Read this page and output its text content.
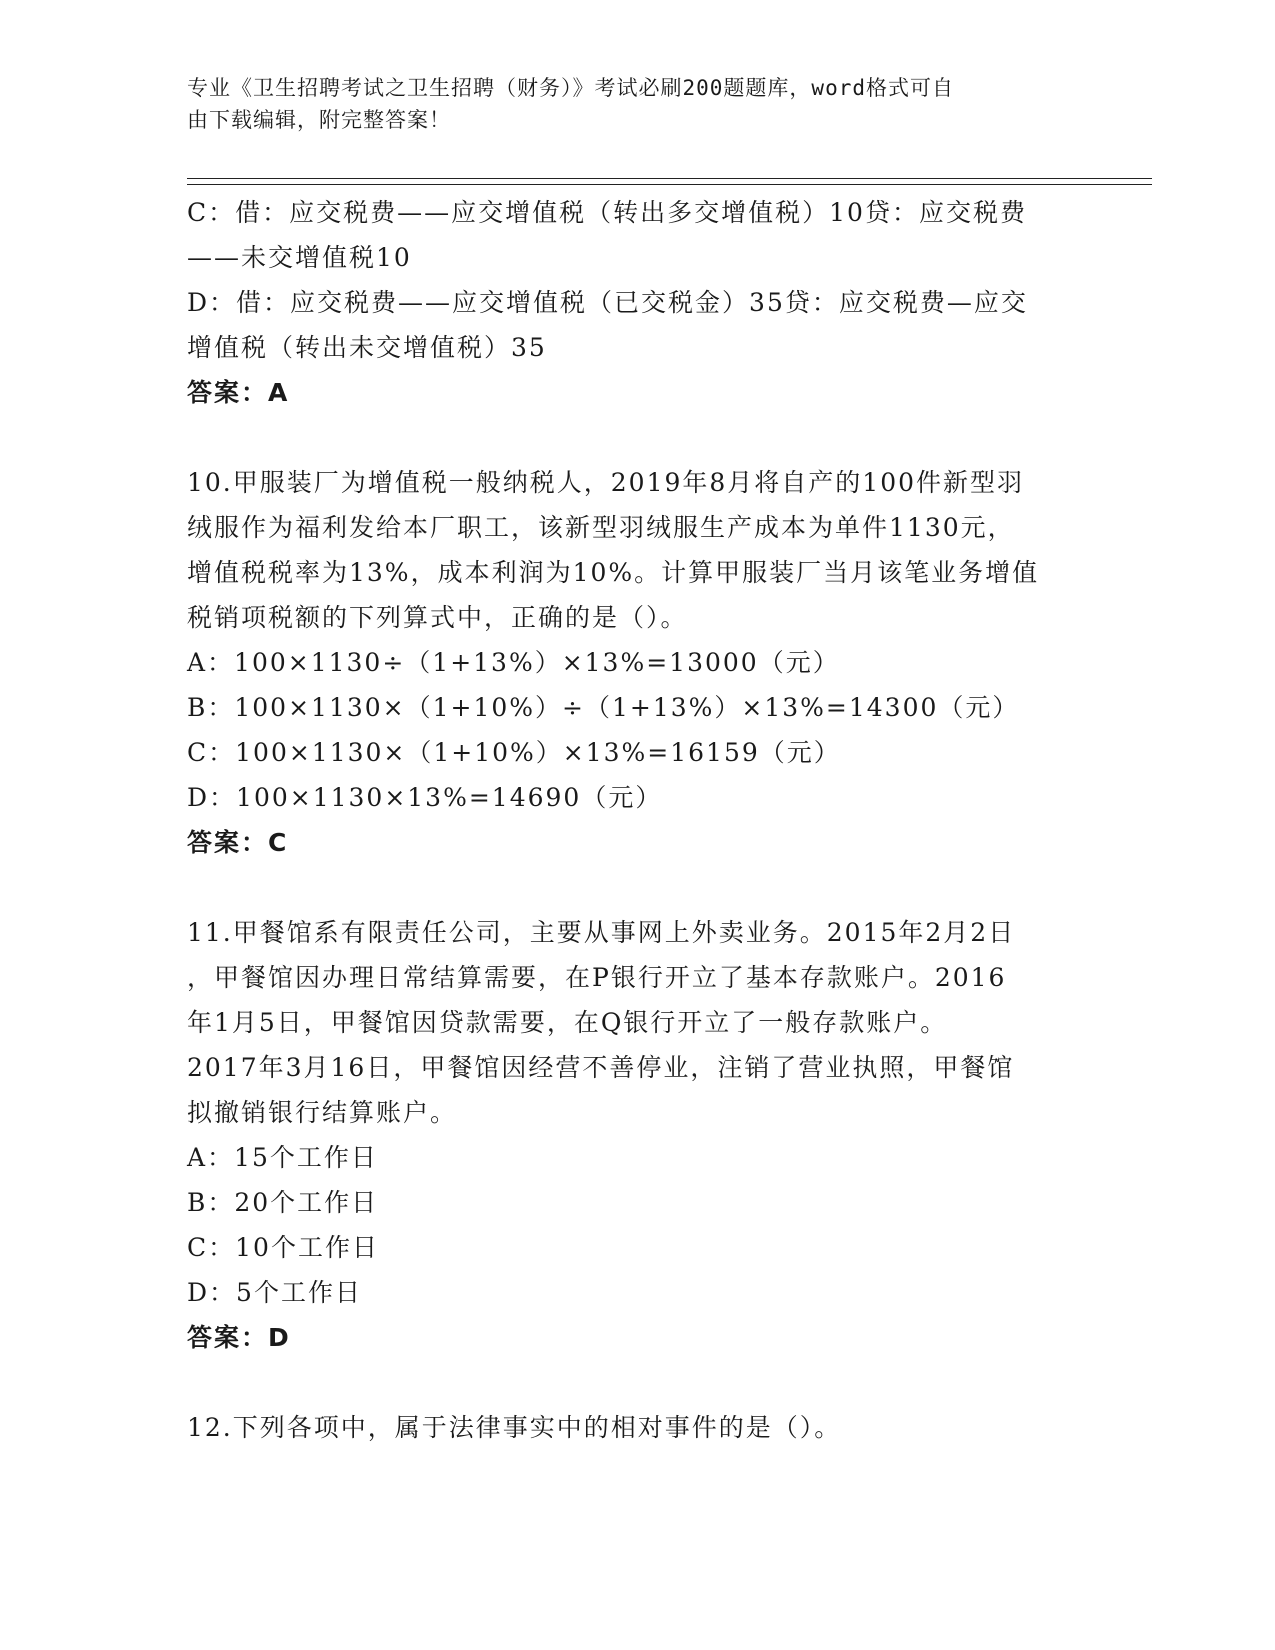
专业《卫生招聘考试之卫生招聘（财务）》考试必刷200题题库，word格式可自
由下载编辑，附完整答案！

C：借：应交税费——应交增值税（转出多交增值税）10贷：应交税费

——未交增值税10

D：借：应交税费——应交增值税（已交税金）35贷：应交税费—应交

增值税（转出未交增值税）35

答案：A

10.甲服装厂为增值税一般纳税人，2019年8月将自产的100件新型羽

绒服作为福利发给本厂职工，该新型羽绒服生产成本为单件1130元，

增值税税率为13%，成本利润为10%。计算甲服装厂当月该笔业务增值

税销项税额的下列算式中，正确的是（）。

A：100×1130÷（1+13%）×13%=13000（元）

B：100×1130×（1+10%）÷（1+13%）×13%=14300（元）

C：100×1130×（1+10%）×13%=16159（元）

D：100×1130×13%=14690（元）

答案：C

11.甲餐馆系有限责任公司，主要从事网上外卖业务。2015年2月2日

，甲餐馆因办理日常结算需要，在P银行开立了基本存款账户。2016

年1月5日，甲餐馆因贷款需要，在Q银行开立了一般存款账户。

2017年3月16日，甲餐馆因经营不善停业，注销了营业执照，甲餐馆

拟撤销银行结算账户。

A：15个工作日

B：20个工作日

C：10个工作日

D：5个工作日

答案：D

12.下列各项中，属于法律事实中的相对事件的是（）。
